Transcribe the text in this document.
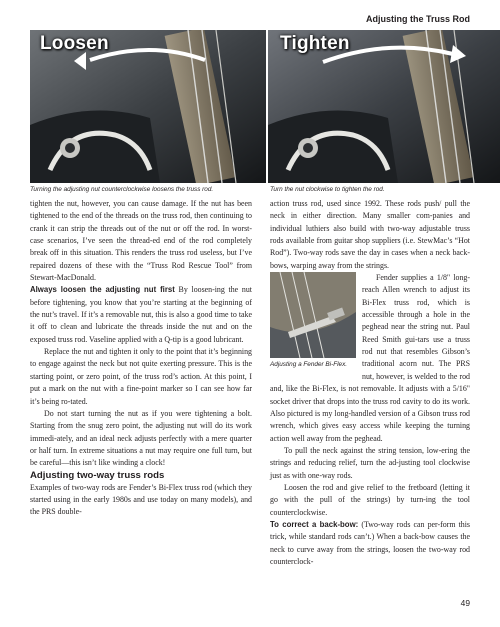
Adjusting the Truss Rod
Loosen	Tighten
Turning the adjusting nut counterclockwise loosens the truss rod.	Turn the nut clockwise to tighten the rod.

tighten the nut, however, you can cause damage. If the nut has been tightened to the end of the threads on the truss rod, then continuing to crank it can strip the threads out of the nut or off the rod. In worst-case scenarios, I’ve seen the thread-ed end of the rod completely break off in this situation. This renders the truss rod useless, but I’ve repaired dozens of these with the “Truss Rod Rescue Tool” from Stewart-MacDonald.

Always loosen the adjusting nut first By loosen-ing the nut before tightening, you know that you’re starting at the beginning of the nut’s travel. If it’s a removable nut, this is also a good time to take it off to clean and lubricate the threads inside the nut and on the exposed truss rod. Vaseline applied with a Q-tip is a good lubricant.

Replace the nut and tighten it only to the point that it’s beginning to engage against the neck but not quite exerting pressure. This is the starting point, or zero point, of the truss rod’s action. At this point, I put a mark on the nut with a fine-point marker so I can see how far it’s being ro-tated.

Do not start turning the nut as if you were tightening a bolt. Starting from the snug zero point, the adjusting nut will do its work immedi-ately, and an ideal neck adjusts perfectly with a mere quarter or half turn. In extreme situations a nut may require one full turn, but be careful—this isn’t like winding a clock!

Adjusting two-way truss rods

Examples of two-way rods are Fender’s Bi-Flex truss rod (which they started using in the early 1980s and use today on many models), and the PRS double-

action truss rod, used since 1992. These rods push/ pull the neck in either direction. Many smaller com-panies and individual luthiers also build with two-way adjustable truss rods available from guitar shop suppliers (i.e. StewMac’s “Hot Rod”). Two-way rods save the day in cases when a neck back-bows, warping away from the strings.

Adjusting a Fender Bi-Flex.

Fender supplies a 1/8" long-reach Allen wrench to adjust its Bi-Flex truss rod, which is accessible through a hole in the peghead near the string nut. Paul Reed Smith gui-tars use a truss rod nut that resembles Gibson’s traditional acorn nut. The PRS nut, however, is welded to the rod and, like the Bi-Flex, is not removable. It adjusts with a 5/16" socket driver that drops into the truss rod cavity to do its work. Also pictured is my long-handled version of a Gibson truss rod wrench, which gives easy access while keeping the turning action well away from the peghead.

To pull the neck against the string tension, low-ering the strings and reducing relief, turn the ad-justing tool clockwise just as with one-way rods.

Loosen the rod and give relief to the fretboard (letting it go with the pull of the strings) by turn-ing the tool counterclockwise.

To correct a back-bow: (Two-way rods can per-form this trick, while standard rods can’t.) When a back-bow causes the neck to curve away from the strings, loosen the two-way rod counterclock-

49
